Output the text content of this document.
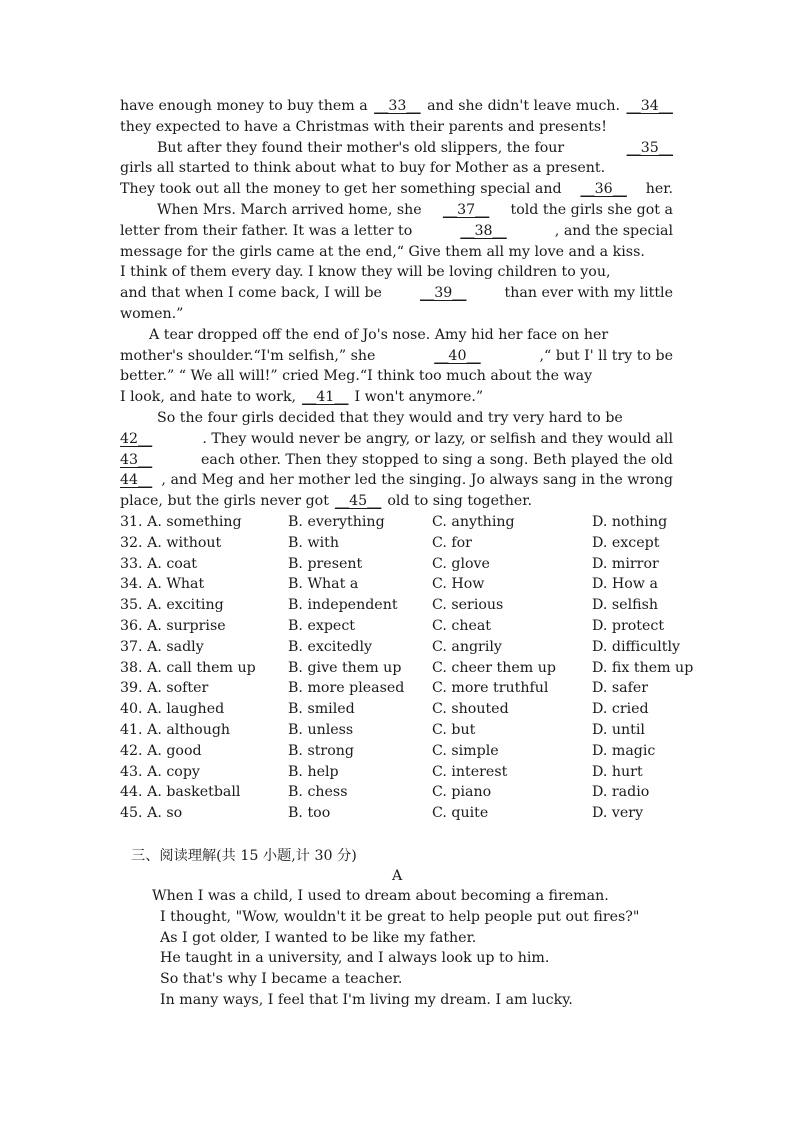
have enough money to buy them a __33__ and she didn't leave much. __34__
they expected to have a Christmas with their parents and presents!
But after they found their mother's old slippers, the four	__35__
girls all started to think about what to buy for Mother as a present.
They took out all the money to get her something special and __36__ her.
When Mrs. March arrived home, she __37__ told the girls she got a
letter from their father. It was a letter to	__38__	, and the special
message for the girls came at the end,“ Give them all my love and a kiss.
I think of them every day. I know they will be loving children to you,
and that when I come back, I will be	__39__	than ever with my little
women.”
A tear dropped off the end of Jo's nose. Amy hid her face on her
mother's shoulder.“I'm selfish,” she	__40__	,“ but I' ll try to be
better.” “ We all will!” cried Meg.“I think too much about the way
I look, and hate to work, __41__ I won't anymore.”
So the four girls decided that they would and try very hard to be
42__	. They would never be angry, or lazy, or selfish and they would all
43__	each other. Then they stopped to sing a song. Beth played the old
44__ , and Meg and her mother led the singing. Jo always sang in the wrong
place, but the girls never got __45__ old to sing together.
31. A. something	B. everything	C. anything	D. nothing
32. A. without	B. with	C. for	D. except
33. A. coat	B. present	C. glove	D. mirror
34. A. What	B. What a	C. How	D. How a
35. A. exciting	B. independent C. serious	D. selfish
36. A. surprise	B. expect	C. cheat	D. protect
37. A. sadly	B. excitedly	C. angrily	D. difficultly
38. A. call them up B. give them up C. cheer them up	D. fix them up
39. A. softer	B. more pleased C. more truthful	D. safer
40. A. laughed	B. smiled	C. shouted	D. cried
41. A. although	B. unless	C. but	D. until
42. A. good	B. strong	C. simple	D. magic
43. A. copy	B. help	C. interest	D. hurt
44. A. basketball	B. chess	C. piano	D. radio
45. A. so	B. too	C. quite	D. very
三、阅读理解(共 15 小题,计 30 分)
A
When I was a child, I used to dream about becoming a fireman.
I thought, "Wow, wouldn't it be great to help people put out fires?"
As I got older, I wanted to be like my father.
He taught in a university, and I always look up to him.
So that's why I became a teacher.
In many ways, I feel that I'm living my dream. I am lucky.
